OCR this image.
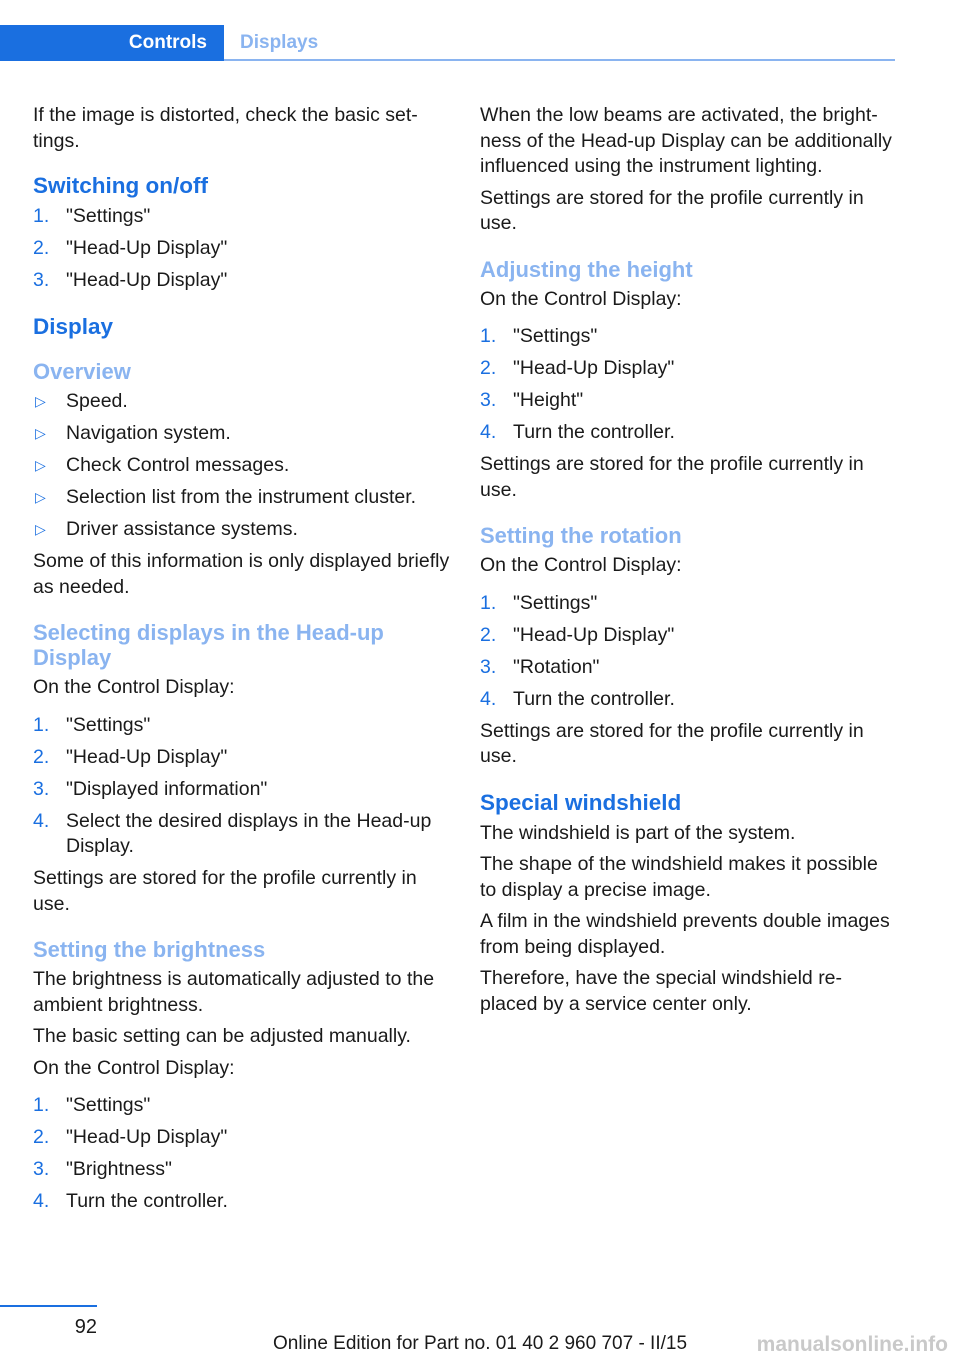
Controls	Displays

If the image is distorted, check the basic settings.

Switching on/off
1. "Settings"
2. "Head-Up Display"
3. "Head-Up Display"
Display
Overview
▷ Speed.
▷ Navigation system.
▷ Check Control messages.
▷ Selection list from the instrument cluster.
▷ Driver assistance systems.

Some of this information is only displayed briefly as needed.

Selecting displays in the Head-up Display

On the Control Display:

1. "Settings"
2. "Head-Up Display"
3. "Displayed information"
4. Select the desired displays in the Head-up Display.

Settings are stored for the profile currently in use.

Setting the brightness

The brightness is automatically adjusted to the ambient brightness.

The basic setting can be adjusted manually.

On the Control Display:

1. "Settings"
2. "Head-Up Display"
3. "Brightness"
4. Turn the controller.

When the low beams are activated, the brightness of the Head-up Display can be additionally influenced using the instrument lighting.

Settings are stored for the profile currently in use.

Adjusting the height

On the Control Display:

1. "Settings"
2. "Head-Up Display"
3. "Height"
4. Turn the controller.

Settings are stored for the profile currently in use.

Setting the rotation

On the Control Display:

1. "Settings"
2. "Head-Up Display"
3. "Rotation"
4. Turn the controller.

Settings are stored for the profile currently in use.

Special windshield

The windshield is part of the system.

The shape of the windshield makes it possible to display a precise image.

A film in the windshield prevents double images from being displayed.

Therefore, have the special windshield replaced by a service center only.

92
Online Edition for Part no. 01 40 2 960 707 - II/15	manualsonline.info
